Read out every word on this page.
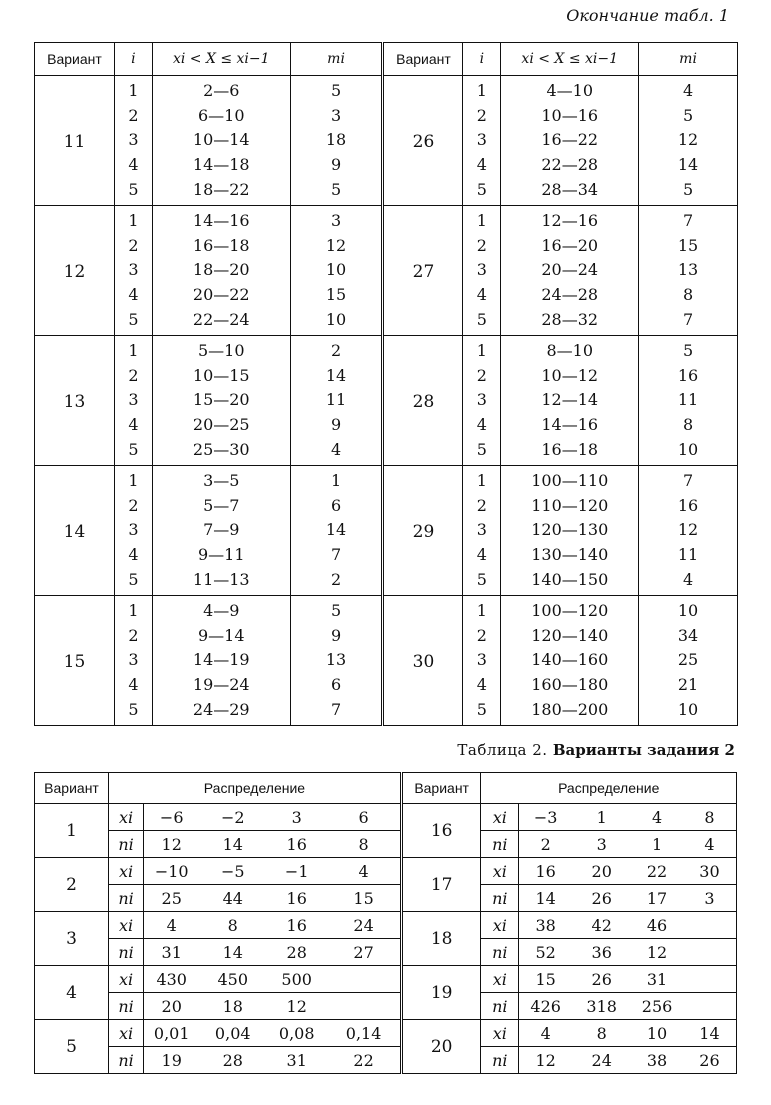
Окончание табл. 1
Вариант	i	xi < X ≤ xi−1	mi	Вариант	i	xi < X ≤ xi−1	mi
11	1	2—6	5	26	1	4—10	4
	2	6—10	3		2	10—16	5
	3	10—14	18		3	16—22	12
	4	14—18	9		4	22—28	14
	5	18—22	5		5	28—34	5
12	1	14—16	3	27	1	12—16	7
	2	16—18	12		2	16—20	15
	3	18—20	10		3	20—24	13
	4	20—22	15		4	24—28	8
	5	22—24	10		5	28—32	7
13	1	5—10	2	28	1	8—10	5
	2	10—15	14		2	10—12	16
	3	15—20	11		3	12—14	11
	4	20—25	9		4	14—16	8
	5	25—30	4		5	16—18	10
14	1	3—5	1	29	1	100—110	7
	2	5—7	6		2	110—120	16
	3	7—9	14		3	120—130	12
	4	9—11	7		4	130—140	11
	5	11—13	2		5	140—150	4
15	1	4—9	5	30	1	100—120	10
	2	9—14	9		2	120—140	34
	3	14—19	13		3	140—160	25
	4	19—24	6		4	160—180	21
	5	24—29	7		5	180—200	10
Таблица 2. Варианты задания 2
Вариант	Распределение					Вариант	Распределение				
1	xi	−6	−2	3	6	16	xi	−3	1	4	8
	ni	12	14	16	8		ni	2	3	1	4
2	xi	−10	−5	−1	4	17	xi	16	20	22	30
	ni	25	44	16	15		ni	14	26	17	3
3	xi	4	8	16	24	18	xi	38	42	46	
	ni	31	14	28	27		ni	52	36	12	
4	xi	430	450	500		19	xi	15	26	31	
	ni	20	18	12			ni	426	318	256	
5	xi	0,01	0,04	0,08	0,14	20	xi	4	8	10	14
	ni	19	28	31	22		ni	12	24	38	26
